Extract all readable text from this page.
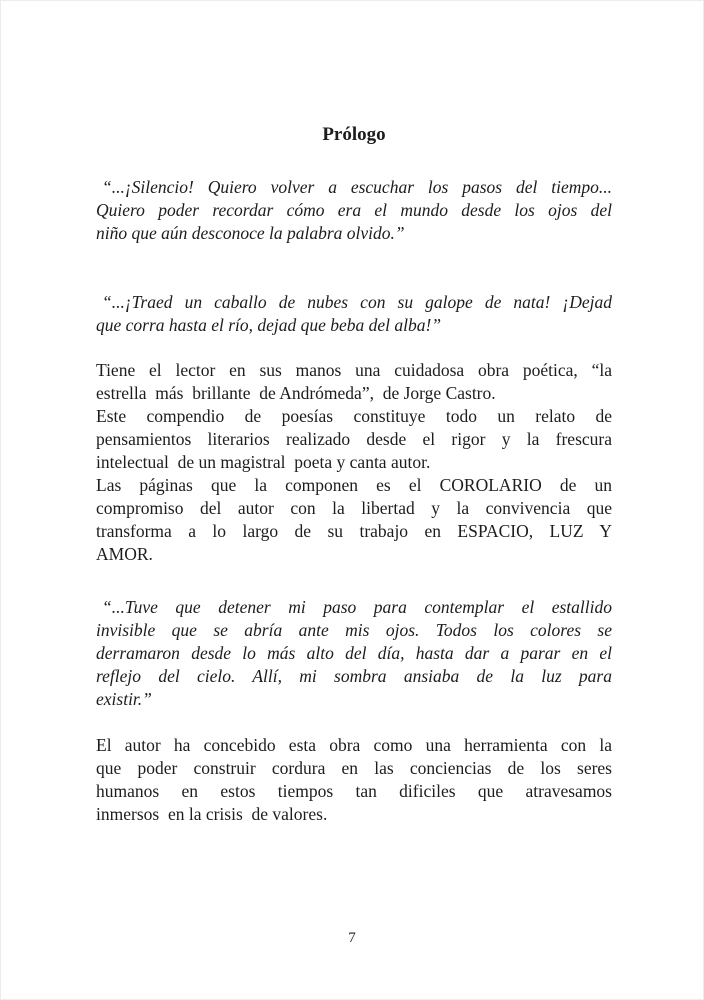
Prólogo
“...¡Silencio! Quiero volver a escuchar los pasos del tiempo...
Quiero poder recordar cómo era el mundo desde los ojos del
niño que aún desconoce la palabra olvido.”
“...¡Traed un caballo de nubes con su galope de nata! ¡Dejad
que corra hasta el río, dejad que beba del alba!”
Tiene el lector en sus manos una cuidadosa obra poética, “la
estrella  más  brillante  de Andrómeda”,  de Jorge Castro.
Este compendio de poesías constituye todo un relato de
pensamientos literarios realizado desde el rigor y la frescura
intelectual  de un magistral  poeta y canta autor.
Las páginas que la componen es el COROLARIO de un
compromiso del autor con la libertad y la convivencia que
transforma a lo largo de su trabajo en ESPACIO, LUZ Y
AMOR.
“...Tuve que detener mi paso para contemplar el estallido
invisible que se abría ante mis ojos. Todos los colores se
derramaron desde lo más alto del día, hasta dar a parar en el
reflejo del cielo. Allí, mi sombra ansiaba de la luz para
existir.”
El autor ha concebido esta obra como una herramienta con la
que poder construir cordura en las conciencias de los seres
humanos en estos tiempos tan dificiles que atravesamos
inmersos  en la crisis  de valores.
7
